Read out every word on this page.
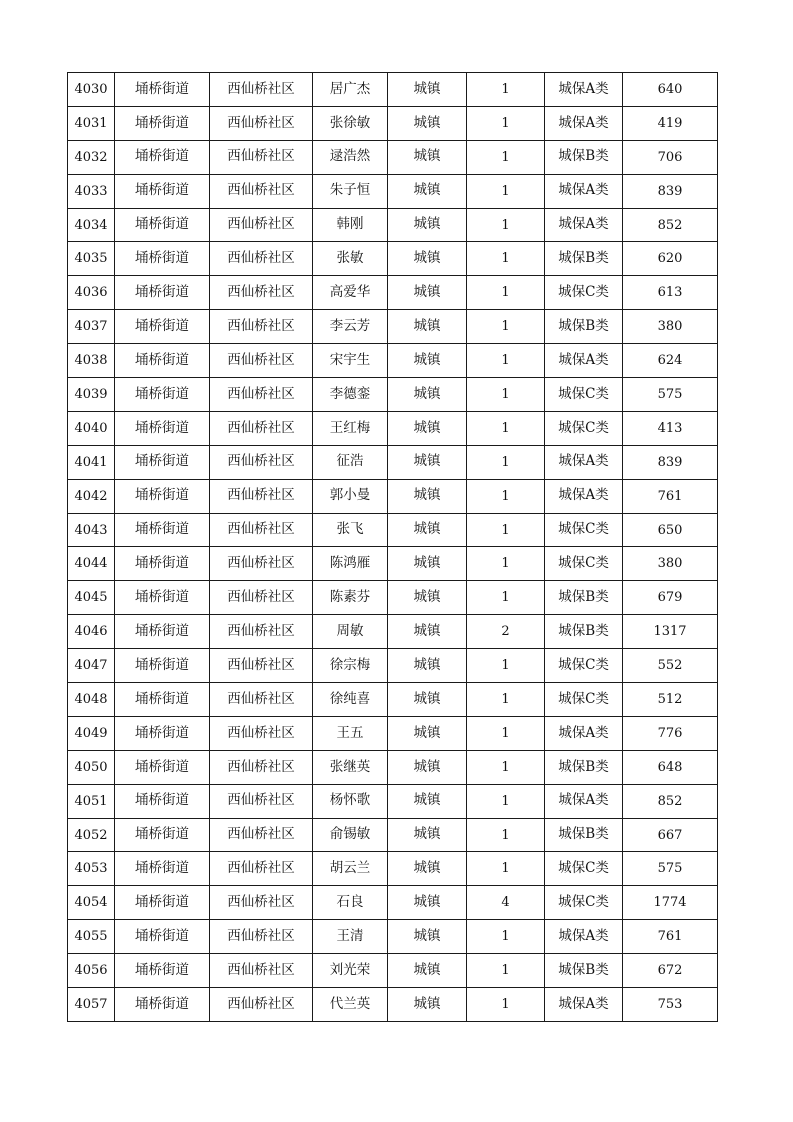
4030	埇桥街道	西仙桥社区	居广杰	城镇	1	城保A类	640
4031	埇桥街道	西仙桥社区	张徐敏	城镇	1	城保A类	419
4032	埇桥街道	西仙桥社区	逯浩然	城镇	1	城保B类	706
4033	埇桥街道	西仙桥社区	朱子恒	城镇	1	城保A类	839
4034	埇桥街道	西仙桥社区	韩刚	城镇	1	城保A类	852
4035	埇桥街道	西仙桥社区	张敏	城镇	1	城保B类	620
4036	埇桥街道	西仙桥社区	高爱华	城镇	1	城保C类	613
4037	埇桥街道	西仙桥社区	李云芳	城镇	1	城保B类	380
4038	埇桥街道	西仙桥社区	宋宇生	城镇	1	城保A类	624
4039	埇桥街道	西仙桥社区	李德銮	城镇	1	城保C类	575
4040	埇桥街道	西仙桥社区	王红梅	城镇	1	城保C类	413
4041	埇桥街道	西仙桥社区	征浩	城镇	1	城保A类	839
4042	埇桥街道	西仙桥社区	郭小曼	城镇	1	城保A类	761
4043	埇桥街道	西仙桥社区	张飞	城镇	1	城保C类	650
4044	埇桥街道	西仙桥社区	陈鸿雁	城镇	1	城保C类	380
4045	埇桥街道	西仙桥社区	陈素芬	城镇	1	城保B类	679
4046	埇桥街道	西仙桥社区	周敏	城镇	2	城保B类	1317
4047	埇桥街道	西仙桥社区	徐宗梅	城镇	1	城保C类	552
4048	埇桥街道	西仙桥社区	徐纯喜	城镇	1	城保C类	512
4049	埇桥街道	西仙桥社区	王五	城镇	1	城保A类	776
4050	埇桥街道	西仙桥社区	张继英	城镇	1	城保B类	648
4051	埇桥街道	西仙桥社区	杨怀歌	城镇	1	城保A类	852
4052	埇桥街道	西仙桥社区	俞锡敏	城镇	1	城保B类	667
4053	埇桥街道	西仙桥社区	胡云兰	城镇	1	城保C类	575
4054	埇桥街道	西仙桥社区	石良	城镇	4	城保C类	1774
4055	埇桥街道	西仙桥社区	王清	城镇	1	城保A类	761
4056	埇桥街道	西仙桥社区	刘光荣	城镇	1	城保B类	672
4057	埇桥街道	西仙桥社区	代兰英	城镇	1	城保A类	753
